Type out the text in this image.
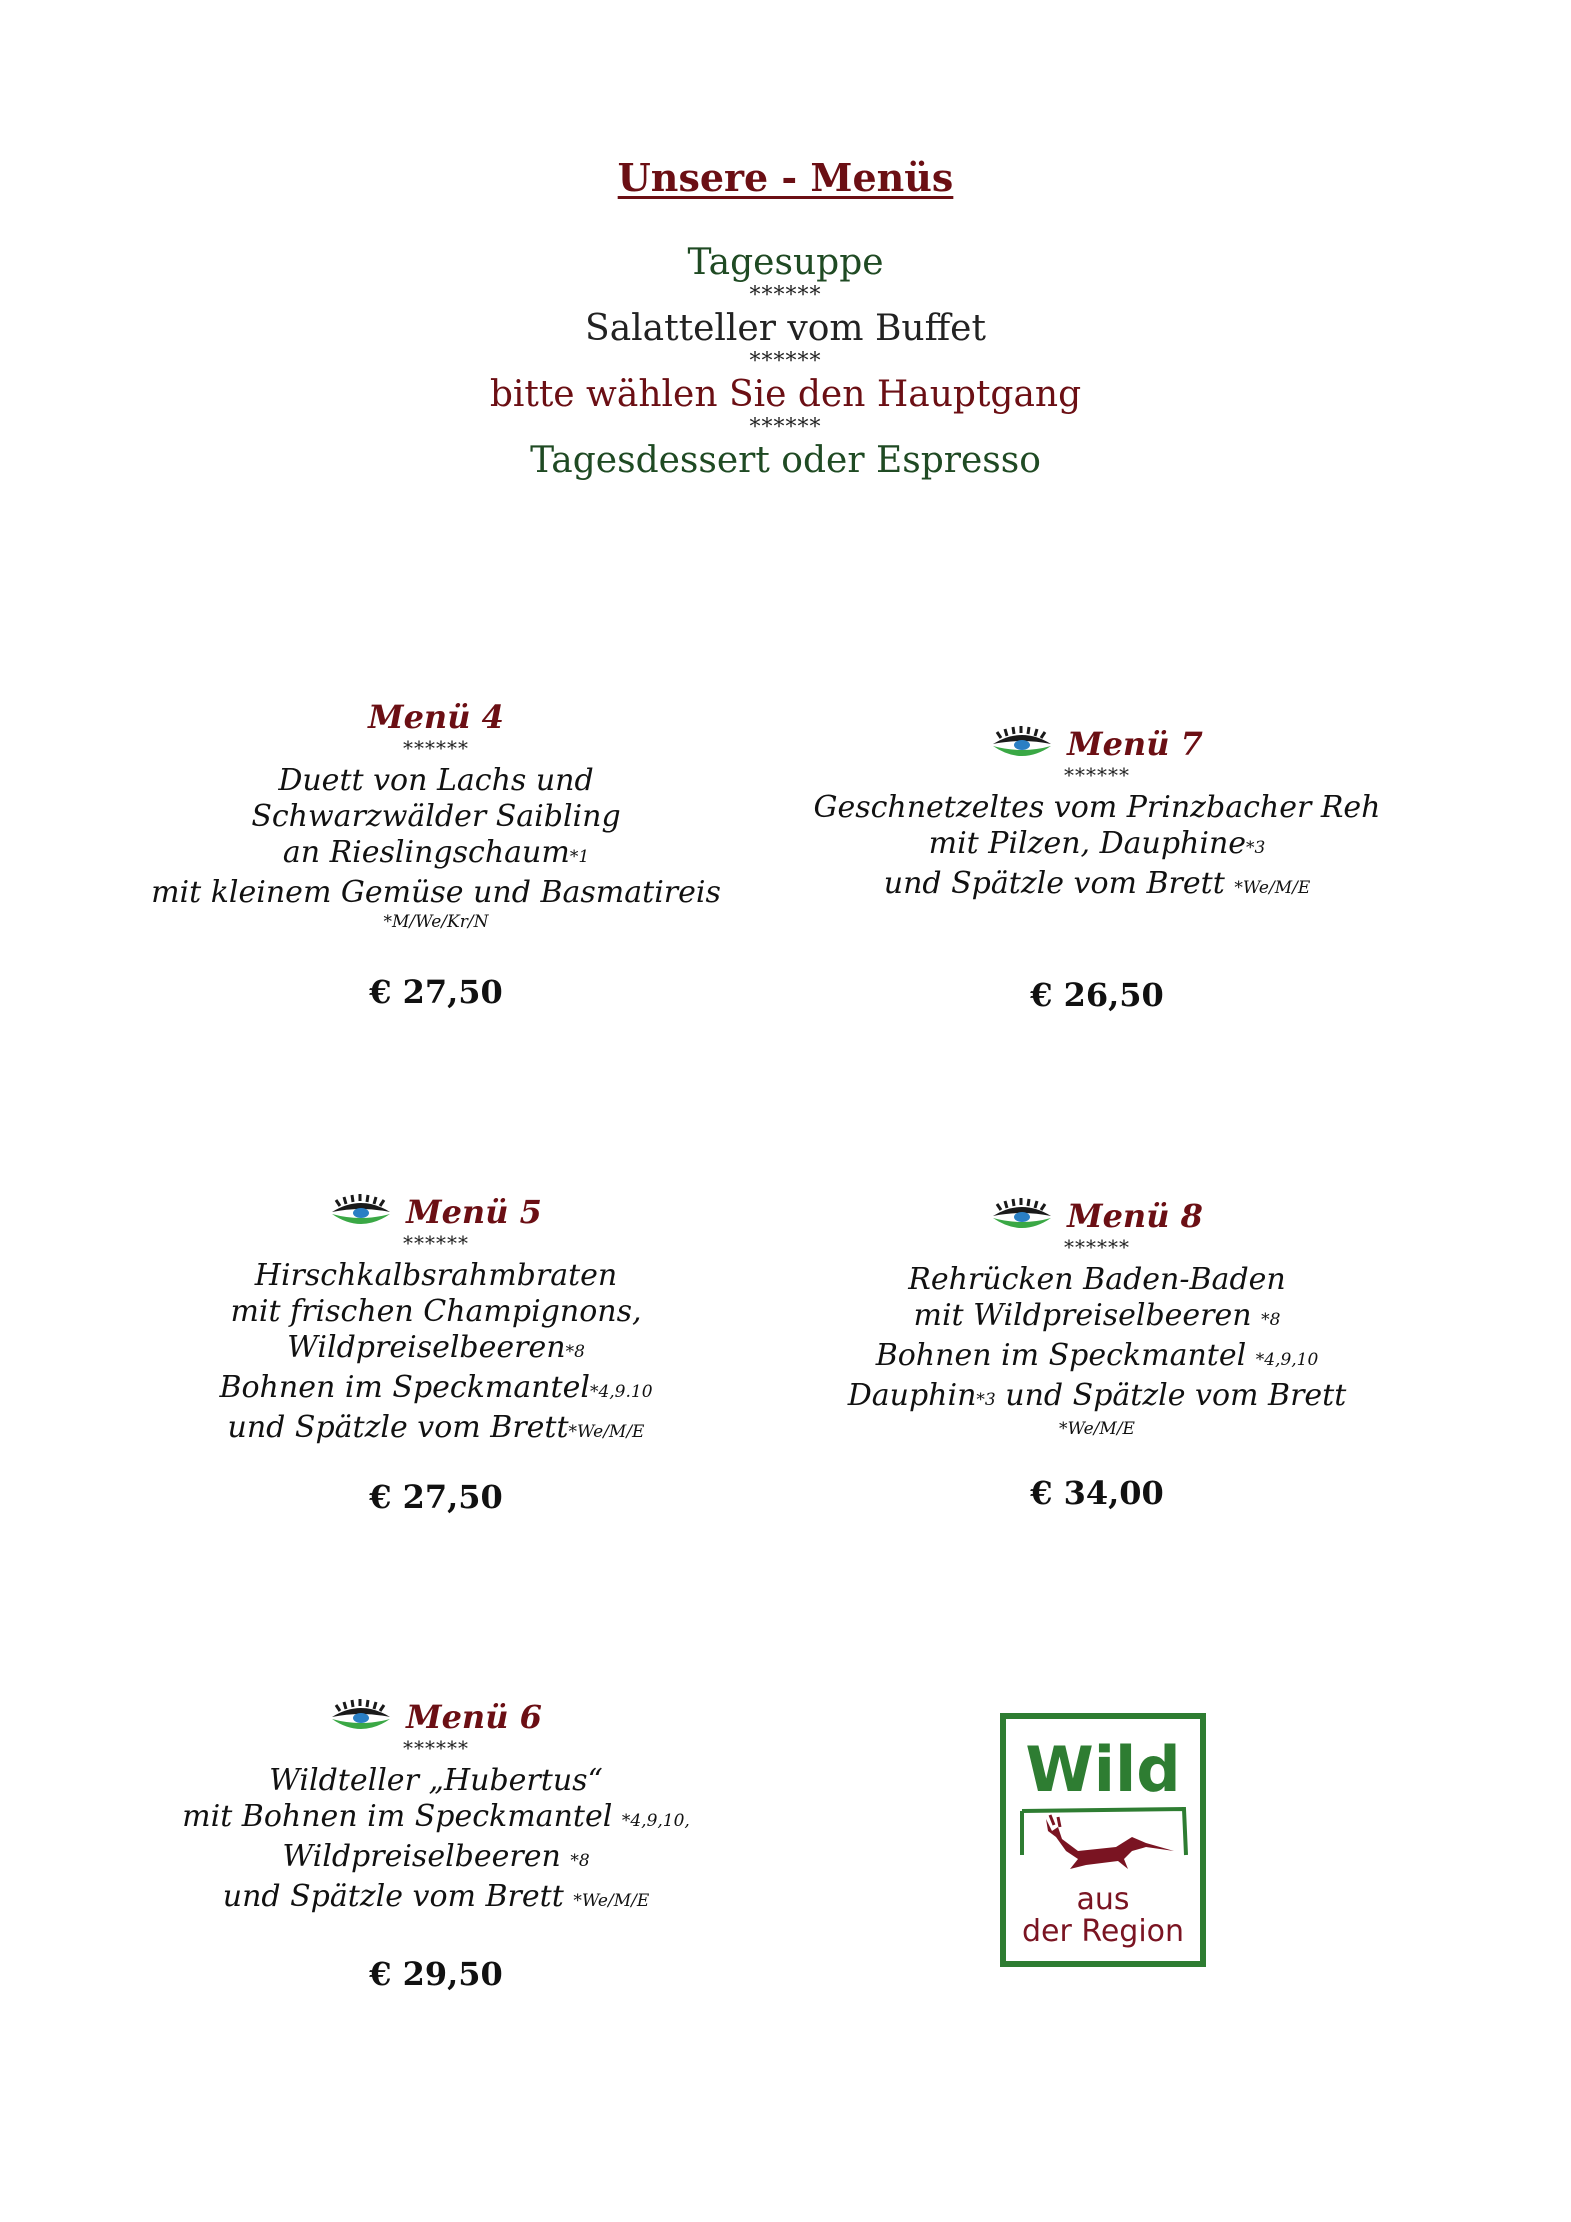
Unsere - Menüs
Tagesuppe
******
Salatteller vom Buffet
******
bitte wählen Sie den Hauptgang
******
Tagesdessert oder Espresso
Menü 4
******
Duett von Lachs und
Schwarzwälder Saibling
an Rieslingschaum*1
mit kleinem Gemüse und Basmatireis
*M/We/Kr/N
€ 27,50
Menü 7
******
Geschnetzeltes vom Prinzbacher Reh
mit Pilzen, Dauphine*3
und Spätzle vom Brett *We/M/E
€ 26,50
Menü 5
******
Hirschkalbsrahmbraten
mit frischen Champignons,
Wildpreiselbeeren*8
Bohnen im Speckmantel*4,9.10
und Spätzle vom Brett*We/M/E
€ 27,50
Menü 8
******
Rehrücken Baden-Baden
mit Wildpreiselbeeren *8
Bohnen im Speckmantel *4,9,10
Dauphin*3 und Spätzle vom Brett
*We/M/E
€ 34,00
Menü 6
******
Wildteller „Hubertus“
mit Bohnen im Speckmantel *4,9,10,
Wildpreiselbeeren *8
und Spätzle vom Brett *We/M/E
€ 29,50
Wild
aus
der Region
